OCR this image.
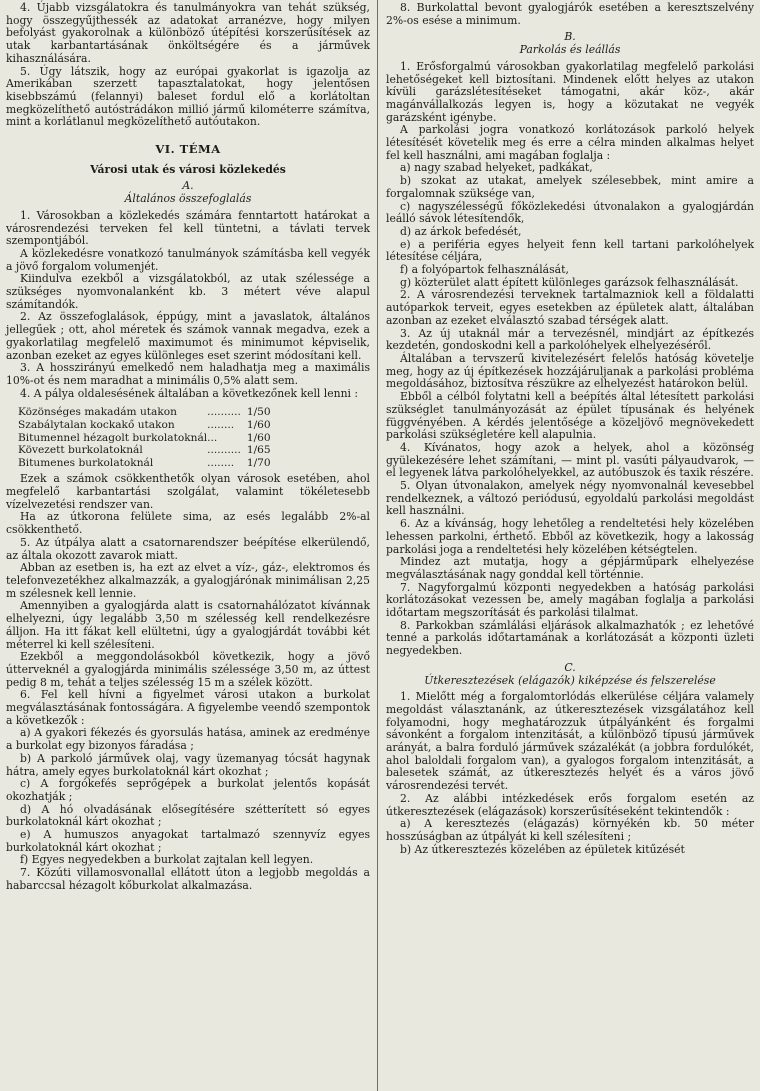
4. Újabb vizsgálatokra és tanulmányokra van tehát szükség, hogy összegyűjthessék az adatokat arranézve, hogy milyen befolyást gyakorolnak a különböző útépítési korszerűsítések az utak karbantartásának önköltségére és a járművek kihasználására.

5. Úgy látszik, hogy az európai gyakorlat is igazolja az Amerikában szerzett tapasztalatokat, hogy jelentősen kisebbszámú (felannyi) baleset fordul elő a korlátoltan megközelíthető autóstrádákon millió jármű kilométerre számítva, mint a korlátlanul megközelíthető autóutakon.

VI. TÉMA
Városi utak és városi közlekedés
A.
Általános összefoglalás

1. Városokban a közlekedés számára fenntartott határokat a városrendezési terveken fel kell tüntetni, a távlati tervek szempontjából.

A közlekedésre vonatkozó tanulmányok számításba kell vegyék a jövő forgalom volumenjét.

Kiindulva ezekből a vizsgálatokból, az utak szélessége a szükséges nyomvonalanként kb. 3 métert véve alapul számítandók.

2. Az összefoglalások, éppúgy, mint a javaslatok, általános jellegűek ; ott, ahol méretek és számok vannak megadva, ezek a gyakorlatilag megfelelő maximumot és minimumot képviselik, azonban ezeket az egyes különleges eset szerint módosítani kell.

3. A hosszirányú emelkedő nem haladhatja meg a maximális 10%-ot és nem maradhat a minimális 0,5% alatt sem.

4. A pálya oldalesésének általában a következőnek kell lenni :

Közönséges makadám utakon	..........	1/50
Szabálytalan kockakő utakon	........	1/60
Bitumennel hézagolt burkolatoknál	...	1/60
Kövezett burkolatoknál	..........	1/65
Bitumenes burkolatoknál	........	1/70

Ezek a számok csökkenthetők olyan városok esetében, ahol megfelelő karbantartási szolgálat, valamint tökéletesebb vízelvezetési rendszer van.

Ha az útkorona felülete sima, az esés legalább 2%-al csökkenthető.

5. Az útpálya alatt a csatornarendszer beépítése elkerülendő, az általa okozott zavarok miatt.

Abban az esetben is, ha ezt az elvet a víz-, gáz-, elektromos és telefonvezetékhez alkalmazzák, a gyalogjárónak minimálisan 2,25 m szélesnek kell lennie.

Amennyiben a gyalogjárda alatt is csatornahálózatot kívánnak elhelyezni, úgy legalább 3,50 m szélesség kell rendelkezésre álljon. Ha itt fákat kell elültetni, úgy a gyalogjárdát további két méterrel ki kell szélesíteni.

Ezekből a meggondolásokból következik, hogy a jövő útterveknél a gyalogjárda minimális szélessége 3,50 m, az úttest pedig 8 m, tehát a teljes szélesség 15 m a szélek között.

6. Fel kell hívni a figyelmet városi utakon a burkolat megválasztásának fontosságára. A figyelembe veendő szempontok a következők :

a) A gyakori fékezés és gyorsulás hatása, aminek az eredménye a burkolat egy bizonyos fáradása ;

b) A parkoló járművek olaj, vagy üzemanyag tócsát hagynak hátra, amely egyes burkolatoknál kárt okozhat ;

c) A forgókefés seprőgépek a burkolat jelentős kopását okozhatják ;

d) A hó olvadásának elősegítésére szétterített só egyes burkolatoknál kárt okozhat ;

e) A humuszos anyagokat tartalmazó szennyvíz egyes burkolatoknál kárt okozhat ;

f) Egyes negyedekben a burkolat zajtalan kell legyen.

7. Közúti villamosvonallal ellátott úton a legjobb megoldás a habarccsal hézagolt kőburkolat alkalmazása.

8. Burkolattal bevont gyalogjárók esetében a keresztszelvény 2%-os esése a minimum.

B.
Parkolás és leállás

1. Erősforgalmú városokban gyakorlatilag megfelelő parkolási lehetőségeket kell biztosítani. Mindenek előtt helyes az utakon kívüli garázslétesítéseket támogatni, akár köz-, akár magánvállalkozás legyen is, hogy a közutakat ne vegyék garázsként igénybe.

A parkolási jogra vonatkozó korlátozások parkoló helyek létesítését követelik meg és erre a célra minden alkalmas helyet fel kell használni, ami magában foglalja :

a) nagy szabad helyeket, padkákat,

b) szokat az utakat, amelyek szélesebbek, mint amire a forgalomnak szüksége van,

c) nagyszélességű főközlekedési útvonalakon a gyalogjárdán leálló sávok létesítendők,

d) az árkok befedését,

e) a periféria egyes helyeit fenn kell tartani parkolóhelyek létesítése céljára,

f) a folyópartok felhasználását,

g) közterület alatt épített különleges garázsok felhasználását.

2. A városrendezési terveknek tartalmazniok kell a földalatti autóparkok terveit, egyes esetekben az épületek alatt, általában azonban az ezeket elválasztó szabad térségek alatt.

3. Az új utaknál már a tervezésnél, mindjárt az építkezés kezdetén, gondoskodni kell a parkolóhelyek elhelyezéséről.

Általában a tervszerű kivitelezésért felelős hatóság követelje meg, hogy az új építkezések hozzájáruljanak a parkolási probléma megoldásához, biztosítva részükre az elhelyezést határokon belül.

Ebből a célból folytatni kell a beépítés által létesített parkolási szükséglet tanulmányozását az épület típusának és helyének függvényében. A kérdés jelentősége a közeljövő megnövekedett parkolási szükségletére kell alapulnia.

4. Kívánatos, hogy azok a helyek, ahol a közönség gyülekezésére lehet számítani, — mint pl. vasúti pályaudvarok, — el legyenek látva parkolóhelyekkel, az autóbuszok és taxik részére.

5. Olyan útvonalakon, amelyek négy nyomvonalnál kevesebbel rendelkeznek, a változó periódusú, egyoldalú parkolási megoldást kell használni.

6. Az a kívánság, hogy lehetőleg a rendeltetési hely közelében lehessen parkolni, érthető. Ebből az következik, hogy a lakosság parkolási joga a rendeltetési hely közelében kétségtelen.

Mindez azt mutatja, hogy a gépjárműpark elhelyezése megválasztásának nagy gonddal kell történnie.

7. Nagyforgalmú központi negyedekben a hatóság parkolási korlátozásokat vezessen be, amely magában foglalja a parkolási időtartam megszorítását és parkolási tilalmat.

8. Parkokban számlálási eljárások alkalmazhatók ; ez lehetővé tenné a parkolás időtartamának a korlátozását a központi üzleti negyedekben.

C.
Útkeresztezések (elágazók) kiképzése és felszerelése

1. Mielőtt még a forgalomtorlódás elkerülése céljára valamely megoldást választanánk, az útkeresztezések vizsgálatához kell folyamodni, hogy meghatározzuk útpályánként és forgalmi sávonként a forgalom intenzitását, a különböző típusú járművek arányát, a balra forduló járművek százalékát (a jobbra fordulókét, ahol baloldali forgalom van), a gyalogos forgalom intenzitását, a balesetek számát, az útkeresztezés helyét és a város jövő városrendezési tervét.

2. Az alábbi intézkedések erős forgalom esetén az útkeresztezések (elágazások) korszerűsítéseként tekintendők :

a) A keresztezés (elágazás) környékén kb. 50 méter hosszúságban az útpályát ki kell szélesíteni ;

b) Az útkeresztezés közelében az épületek kitűzését
